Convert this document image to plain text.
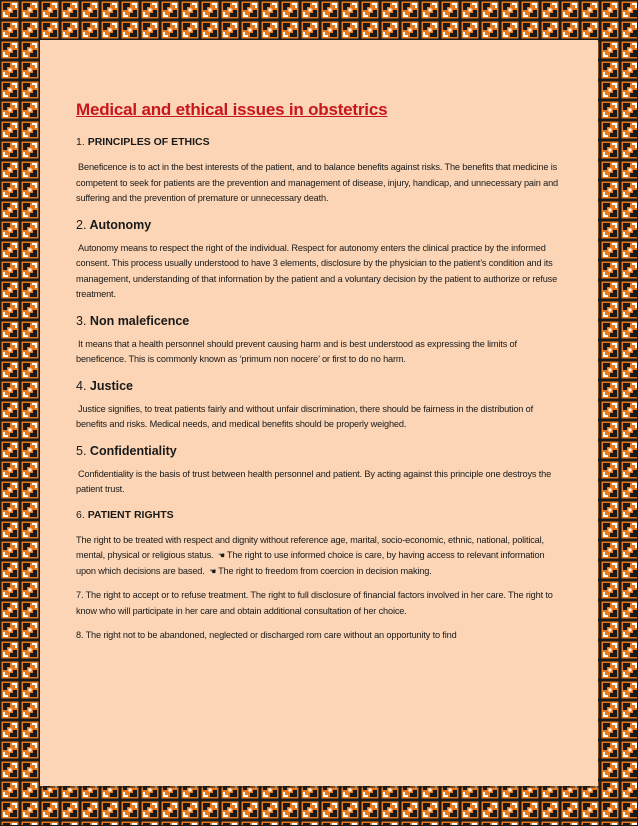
Medical and ethical issues in obstetrics
1. PRINCIPLES OF ETHICS

Beneficence is to act in the best interests of the patient, and to balance benefits against risks. The benefits that medicine is competent to seek for patients are the prevention and management of disease, injury, handicap, and unnecessary pain and suffering and the prevention of premature or unnecessary death.

2. Autonomy

Autonomy means to respect the right of the individual. Respect for autonomy enters the clinical practice by the informed consent. This process usually understood to have 3 elements, disclosure by the physician to the patient’s condition and its management, understanding of that information by the patient and a voluntary decision by the patient to authorize or refuse treatment.

3. Non maleficence

It means that a health personnel should prevent causing harm and is best understood as expressing the limits of beneficence. This is commonly known as ‘primum non nocere’ or first to do no harm.

4. Justice

Justice signifies, to treat patients fairly and without unfair discrimination, there should be fairness in the distribution of benefits and risks. Medical needs, and medical benefits should be properly weighed.

5. Confidentiality

Confidentiality is the basis of trust between health personnel and patient. By acting against this principle one destroys the patient trust.

6. PATIENT RIGHTS

The right to be treated with respect and dignity without reference age, marital, socio-economic, ethnic, national, political, mental, physical or religious status. ☚ The right to use informed choice is care, by having access to relevant information upon which decisions are based. ☚ The right to freedom from coercion in decision making.

7. The right to accept or to refuse treatment. The right to full disclosure of financial factors involved in her care. The right to know who will participate in her care and obtain additional consultation of her choice.

8. The right not to be abandoned, neglected or discharged rom care without an opportunity to find
